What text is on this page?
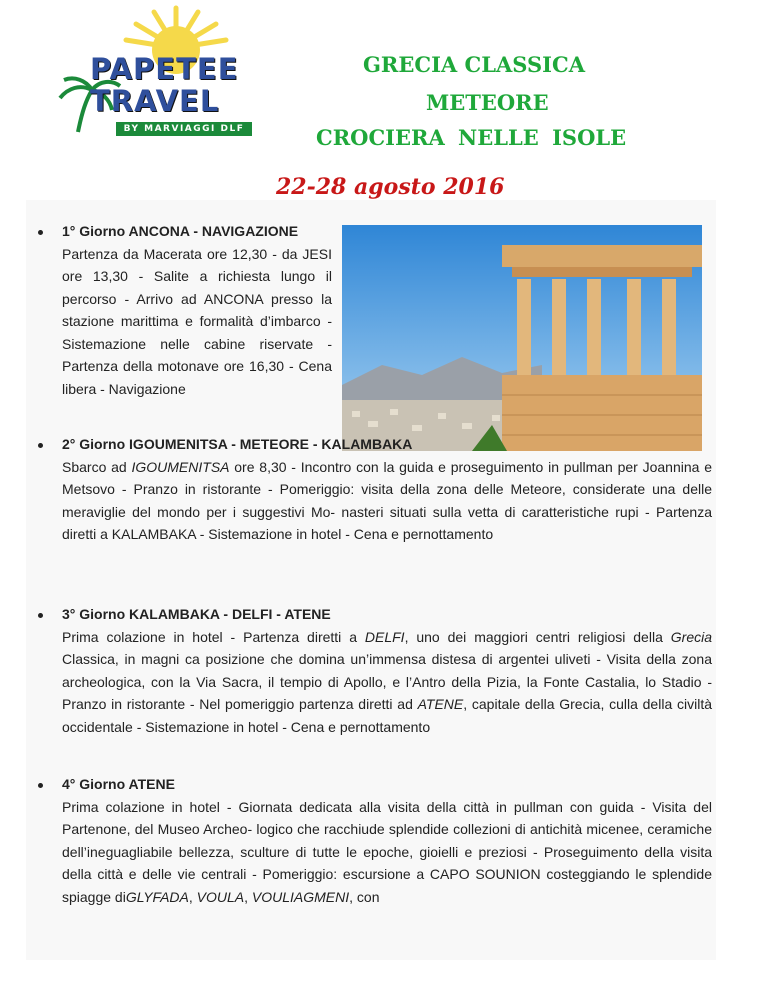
PAPETEE
TRAVEL
BY MARVIAGGI DLF
GRECIA CLASSICA
METEORE
CROCIERA NELLE ISOLE
22-28 agosto 2016
1° Giorno ANCONA - NAVIGAZIONE
Partenza da Macerata ore 12,30 - da JESI ore 13,30 - Salite a richiesta lungo il percorso - Arrivo ad ANCONA presso la stazione marittima e formalità d’imbarco - Sistemazione nelle cabine riservate - Partenza della motonave ore 16,30 - Cena libera - Navigazione
2° Giorno IGOUMENITSA - METEORE - KALAMBAKA
Sbarco ad IGOUMENITSA ore 8,30 - Incontro con la guida e proseguimento in pullman per Joannina e Metsovo - Pranzo in ristorante - Pomeriggio: visita della zona delle Meteore, considerate una delle meraviglie del mondo per i suggestivi Mo- nasteri situati sulla vetta di caratteristiche rupi - Partenza diretti a KALAMBAKA - Sistemazione in hotel - Cena e pernottamento
3° Giorno KALAMBAKA - DELFI - ATENE
Prima colazione in hotel - Partenza diretti a DELFI, uno dei maggiori centri religiosi della Grecia Classica, in magni ca posizione che domina un’immensa distesa di argentei uliveti - Visita della zona archeologica, con la Via Sacra, il tempio di Apollo, e l’Antro della Pizia, la Fonte Castalia, lo Stadio - Pranzo in ristorante - Nel pomeriggio partenza diretti ad ATENE, capitale della Grecia, culla della civiltà occidentale - Sistemazione in hotel - Cena e pernottamento
4° Giorno ATENE
Prima colazione in hotel - Giornata dedicata alla visita della città in pullman con guida - Visita del Partenone, del Museo Archeo- logico che racchiude splendide collezioni di antichità micenee, ceramiche dell’ineguagliabile bellezza, sculture di tutte le epoche, gioielli e preziosi - Proseguimento della visita della città e delle vie centrali - Pomeriggio: escursione a CAPO SOUNION costeggiando le splendide spiagge diGLYFADA, VOULA, VOULIAGMENI, con
